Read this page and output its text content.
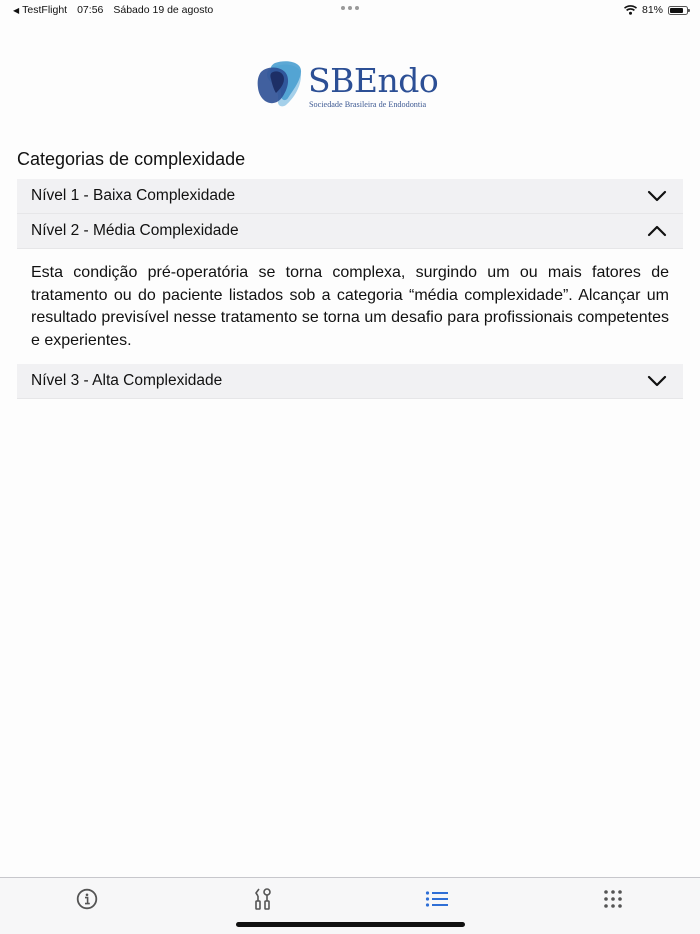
◀ TestFlight 07:56 Sábado 19 de agosto	81%
SBEndo
Sociedade Brasileira de Endodontia
Categorias de complexidade
Nível 1 - Baixa Complexidade
Nível 2 - Média Complexidade
Esta condição pré-operatória se torna complexa, surgindo um ou mais fatores de tratamento ou do paciente listados sob a categoria “média complexidade”. Alcançar um resultado previsível nesse tratamento se torna um desafio para profissionais competentes e experientes.
Nível 3 - Alta Complexidade
